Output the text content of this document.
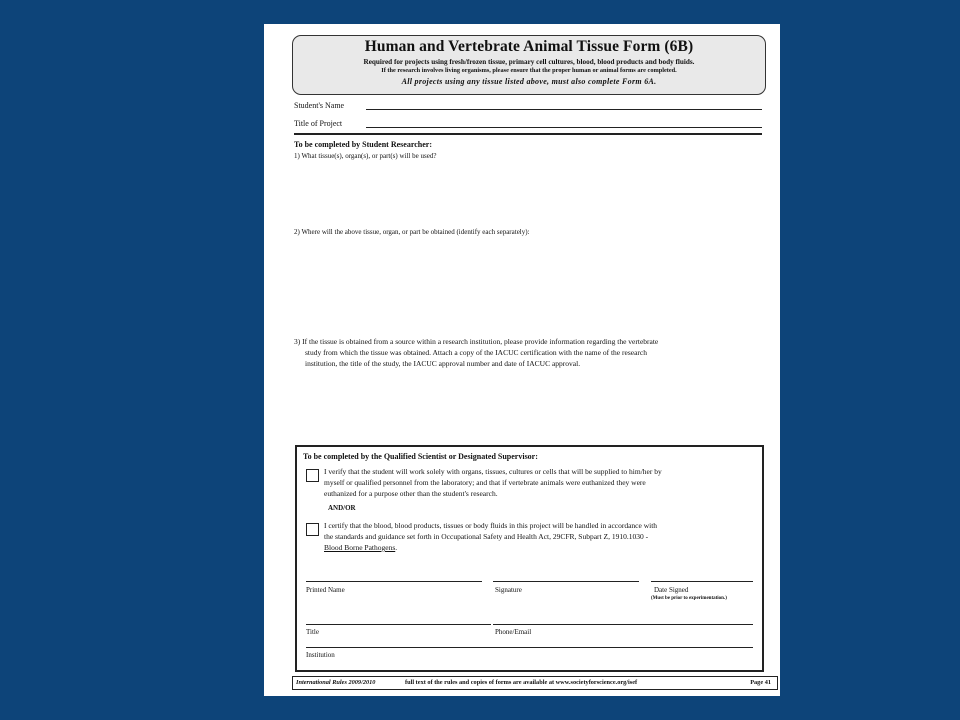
Human and Vertebrate Animal Tissue Form (6B)
Required for projects using fresh/frozen tissue, primary cell cultures, blood, blood products and body fluids.
If the research involves living organisms, please ensure that the proper human or animal forms are completed.
All projects using any tissue listed above, must also complete Form 6A.
Student's Name
Title of Project
To be completed by Student Researcher:
1) What tissue(s), organ(s), or part(s) will be used?
2) Where will the above tissue, organ, or part be obtained (identify each separately):
3) If the tissue is obtained from a source within a research institution, please provide information regarding the vertebrate
study from which the tissue was obtained. Attach a copy of the IACUC certification with the name of the research
institution, the title of the study, the IACUC approval number and date of IACUC approval.
To be completed by the Qualified Scientist or Designated Supervisor:
I verify that the student will work solely with organs, tissues, cultures or cells that will be supplied to him/her by
myself or qualified personnel from the laboratory; and that if vertebrate animals were euthanized they were
euthanized for a purpose other than the student's research.
AND/OR
I certify that the blood, blood products, tissues or body fluids in this project will be handled in accordance with
the standards and guidance set forth in Occupational Safety and Health Act, 29CFR, Subpart Z, 1910.1030 -
Blood Borne Pathogens.
Printed Name	Signature	Date Signed
(Must be prior to experimentation.)
Title	Phone/Email
Institution
International Rules 2009/2010	full text of the rules and copies of forms are available at www.societyforscience.org/isef	Page 41
